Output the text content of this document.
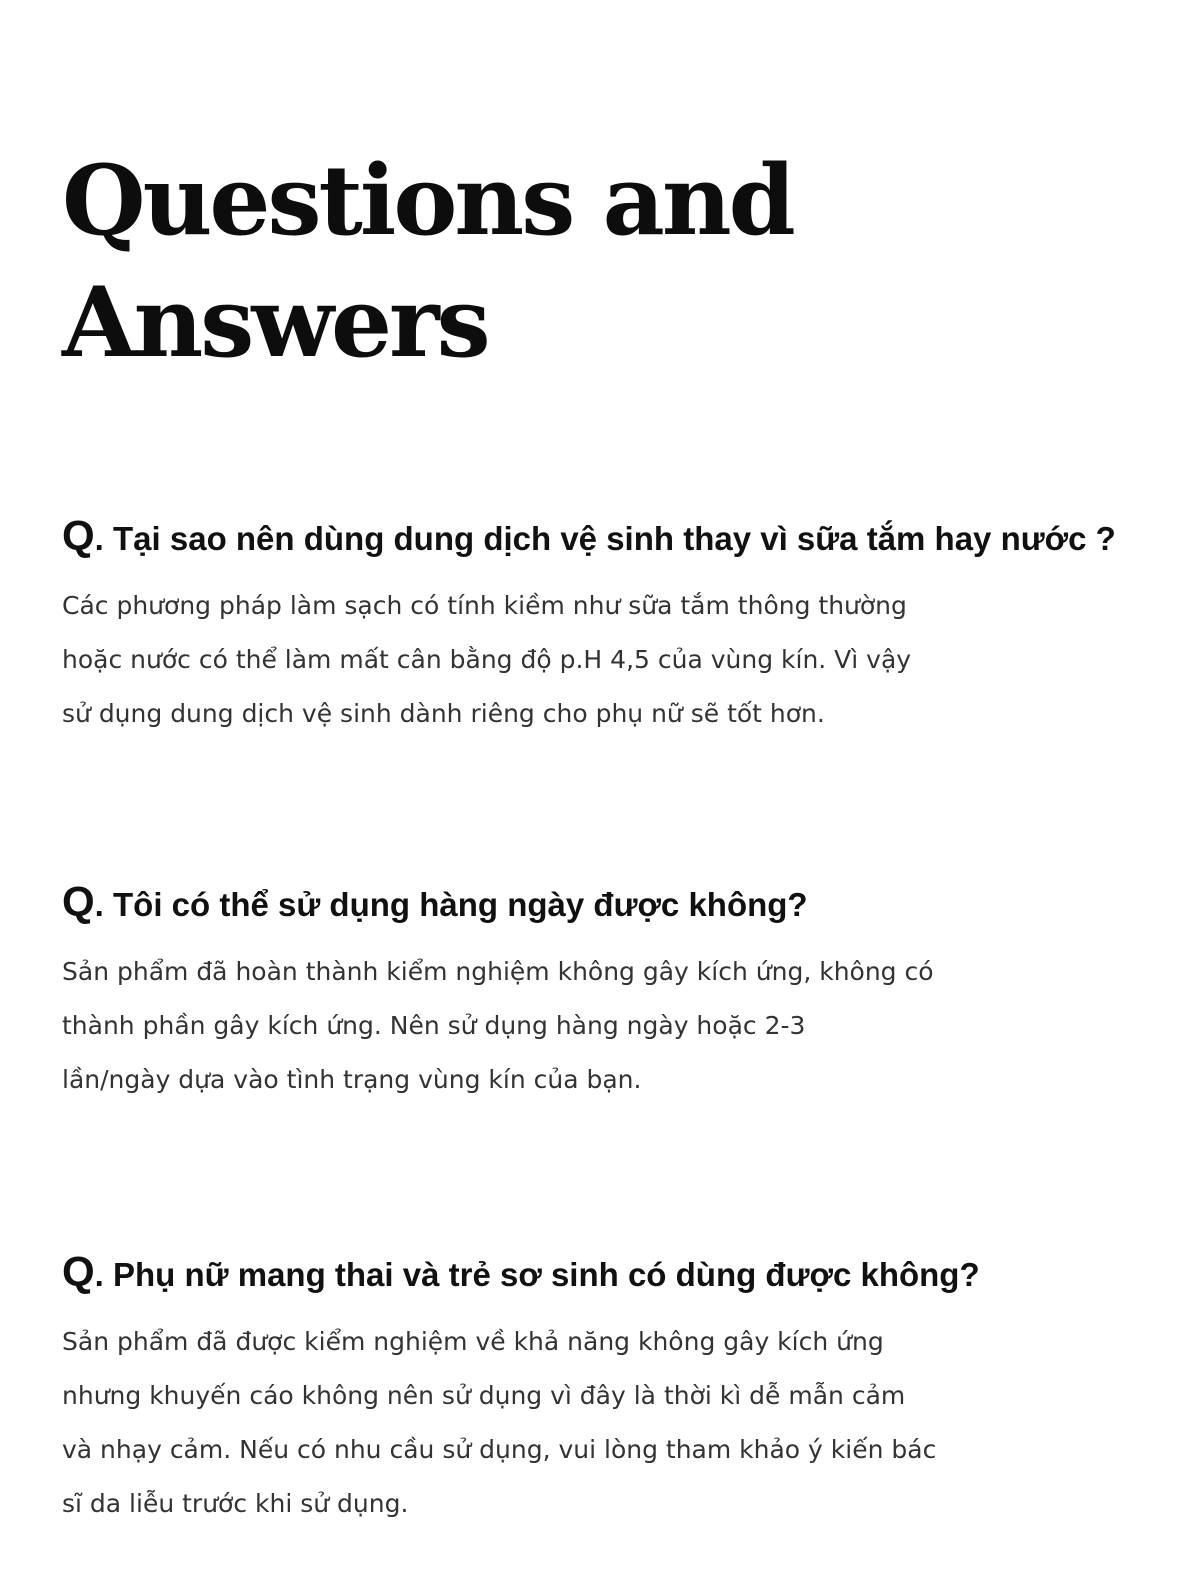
Questions and
Answers
Q. Tại sao nên dùng dung dịch vệ sinh thay vì sữa tắm hay nước ?

Các phương pháp làm sạch có tính kiềm như sữa tắm thông thường
hoặc nước có thể làm mất cân bằng độ p.H 4,5 của vùng kín. Vì vậy
sử dụng dung dịch vệ sinh dành riêng cho phụ nữ sẽ tốt hơn.

Q. Tôi có thể sử dụng hàng ngày được không?

Sản phẩm đã hoàn thành kiểm nghiệm không gây kích ứng, không có
thành phần gây kích ứng. Nên sử dụng hàng ngày hoặc 2-3
lần/ngày dựa vào tình trạng vùng kín của bạn.

Q. Phụ nữ mang thai và trẻ sơ sinh có dùng được không?

Sản phẩm đã được kiểm nghiệm về khả năng không gây kích ứng
nhưng khuyến cáo không nên sử dụng vì đây là thời kì dễ mẫn cảm
và nhạy cảm. Nếu có nhu cầu sử dụng, vui lòng tham khảo ý kiến bác
sĩ da liễu trước khi sử dụng.
